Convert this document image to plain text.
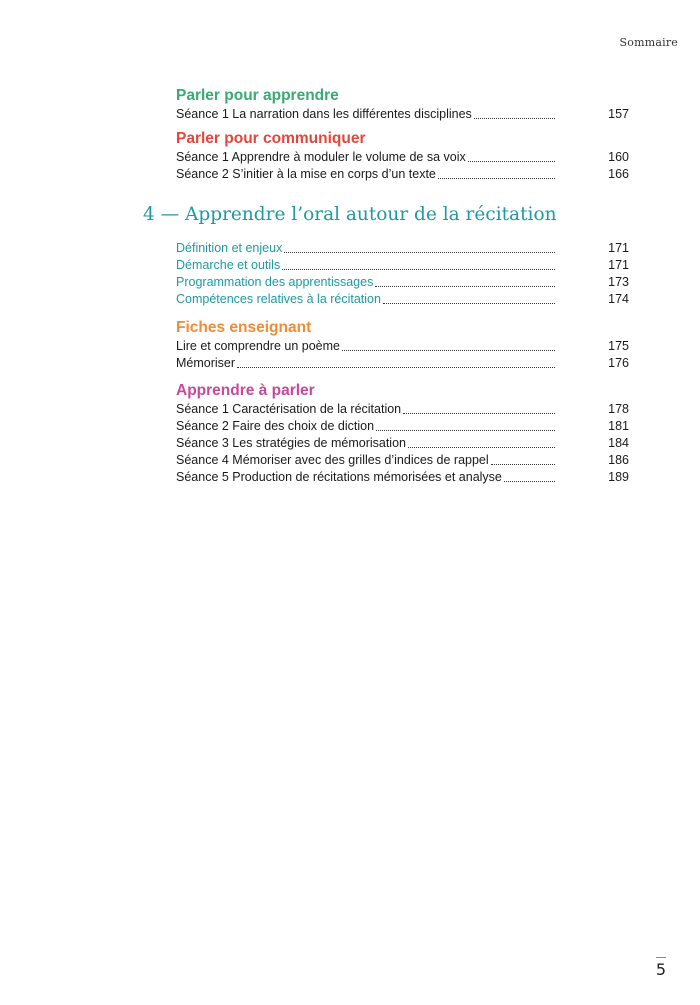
Sommaire
Parler pour apprendre
Séance 1 La narration dans les différentes disciplines	157
Parler pour communiquer
Séance 1 Apprendre à moduler le volume de sa voix	160
Séance 2 S’initier à la mise en corps d’un texte	166
4 — Apprendre l’oral autour de la récitation
Définition et enjeux	171
Démarche et outils	171
Programmation des apprentissages	173
Compétences relatives à la récitation	174
Fiches enseignant
Lire et comprendre un poème	175
Mémoriser	176
Apprendre à parler
Séance 1 Caractérisation de la récitation	178
Séance 2 Faire des choix de diction	181
Séance 3 Les stratégies de mémorisation	184
Séance 4 Mémoriser avec des grilles d’indices de rappel	186
Séance 5 Production de récitations mémorisées et analyse	189
5
